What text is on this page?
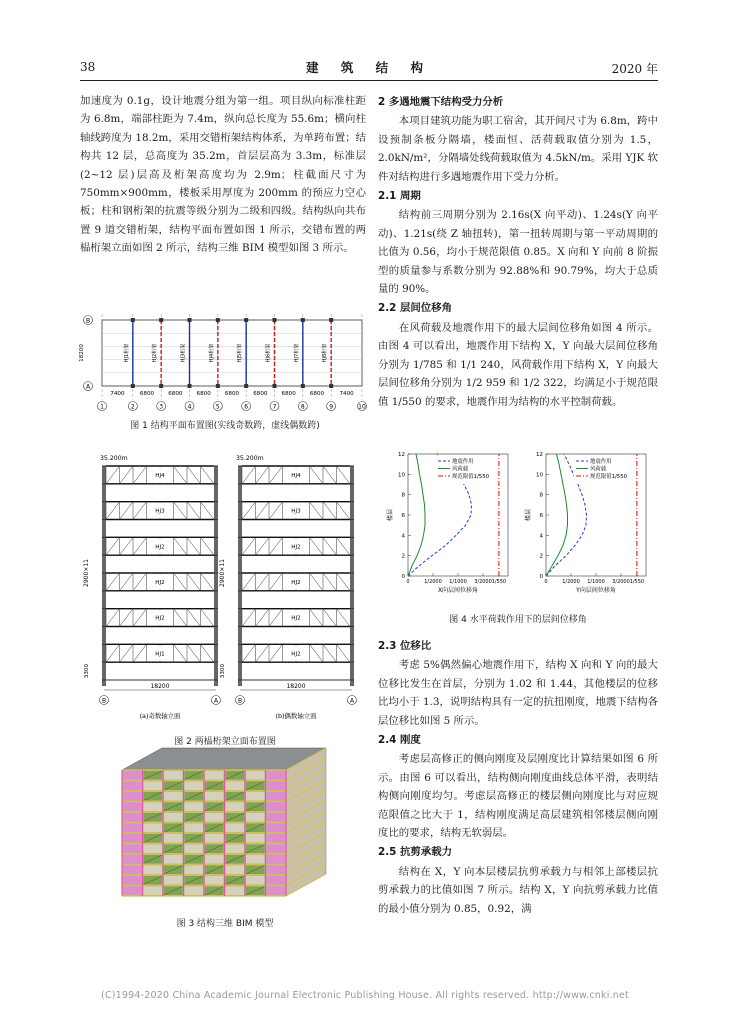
38	建 筑 结 构	2020 年

加速度为 0.1g，设计地震分组为第一组。项目纵向标准柱距为 6.8m，端部柱距为 7.4m，纵向总长度为 55.6m；横向柱轴线跨度为 18.2m，采用交错桁架结构体系，为单跨布置；结构共 12 层，总高度为 35.2m，首层层高为 3.3m，标准层(2~12 层)层高及桁架高度均为 2.9m；柱截面尺寸为 750mm×900mm，楼板采用厚度为 200mm 的预应力空心板；柱和钢桁架的抗震等级分别为二级和四级。结构纵向共布置 9 道交错桁架，结构平面布置如图 1 所示，交错布置的两榀桁架立面如图 2 所示，结构三维 BIM 模型如图 3 所示。

1
7400
2
6800
3
6800
4
6800
5
6800
6
6800
7
6800
8
6800
9
7400
10
HJ1桁架	HJ2桁架	HJ3桁架	HJ4桁架	HJ5桁架	HJ6桁架	HJ7桁架	HJ8桁架
B
A
18200
图 1 结构平面布置图(实线奇数跨，虚线偶数跨)
35.200m
2900×11
3300
HJ4
HJ3
HJ2
HJ2
HJ2
HJ1
18200
B	A
(a)奇数轴立面
35.200m
2900×11
3300
HJ4
HJ3
HJ2
HJ2
HJ2
HJ2
18200
B	A
(b)偶数轴立面
图 2 两榀桁架立面布置图
图 3 结构三维 BIM 模型

2 多遇地震下结构受力分析

本项目建筑功能为职工宿舍，其开间尺寸为 6.8m，跨中设预制条板分隔墙，楼面恒、活荷载取值分别为 1.5，2.0kN/m²，分隔墙处线荷载取值为 4.5kN/m。采用 YJK 软件对结构进行多遇地震作用下受力分析。

2.1 周期

结构前三周期分别为 2.16s(X 向平动)、1.24s(Y 向平动)、1.21s(绕 Z 轴扭转)，第一扭转周期与第一平动周期的比值为 0.56，均小于规范限值 0.85。X 向和 Y 向前 8 阶振型的质量参与系数分别为 92.88%和 90.79%，均大于总质量的 90%。

2.2 层间位移角

在风荷载及地震作用下的最大层间位移角如图 4 所示。由图 4 可以看出，地震作用下结构 X，Y 向最大层间位移角分别为 1/785 和 1/1 240，风荷载作用下结构 X，Y 向最大层间位移角分别为 1/2 959 和 1/2 322，均满足小于规范限值 1/550 的要求，地震作用为结构的水平控制荷载。

0
2
4
6
8
10
12
0	1/2000 1/1000 3/2000 1/550
X向层间位移角
楼层
地震作用
风荷载
规范限值1/550
0
2
4
6
8
10
12
0	1/2000 1/1000 3/2000 1/550
Y向层间位移角
楼层
地震作用
风荷载
规范限值1/550
图 4 水平荷载作用下的层间位移角

2.3 位移比

考虑 5%偶然偏心地震作用下，结构 X 向和 Y 向的最大位移比发生在首层，分别为 1.02 和 1.44，其他楼层的位移比均小于 1.3，说明结构具有一定的抗扭刚度，地震下结构各层位移比如图 5 所示。

2.4 刚度

考虑层高修正的侧向刚度及层刚度比计算结果如图 6 所示。由图 6 可以看出，结构侧向刚度曲线总体平滑，表明结构侧向刚度均匀。考虑层高修正的楼层侧向刚度比与对应规范限值之比大于 1，结构刚度满足高层建筑相邻楼层侧向刚度比的要求，结构无软弱层。

2.5 抗剪承载力

结构在 X，Y 向本层楼层抗剪承载力与相邻上部楼层抗剪承载力的比值如图 7 所示。结构 X，Y 向抗剪承载力比值的最小值分别为 0.85，0.92，满

(C)1994-2020 China Academic Journal Electronic Publishing House. All rights reserved. http://www.cnki.net
